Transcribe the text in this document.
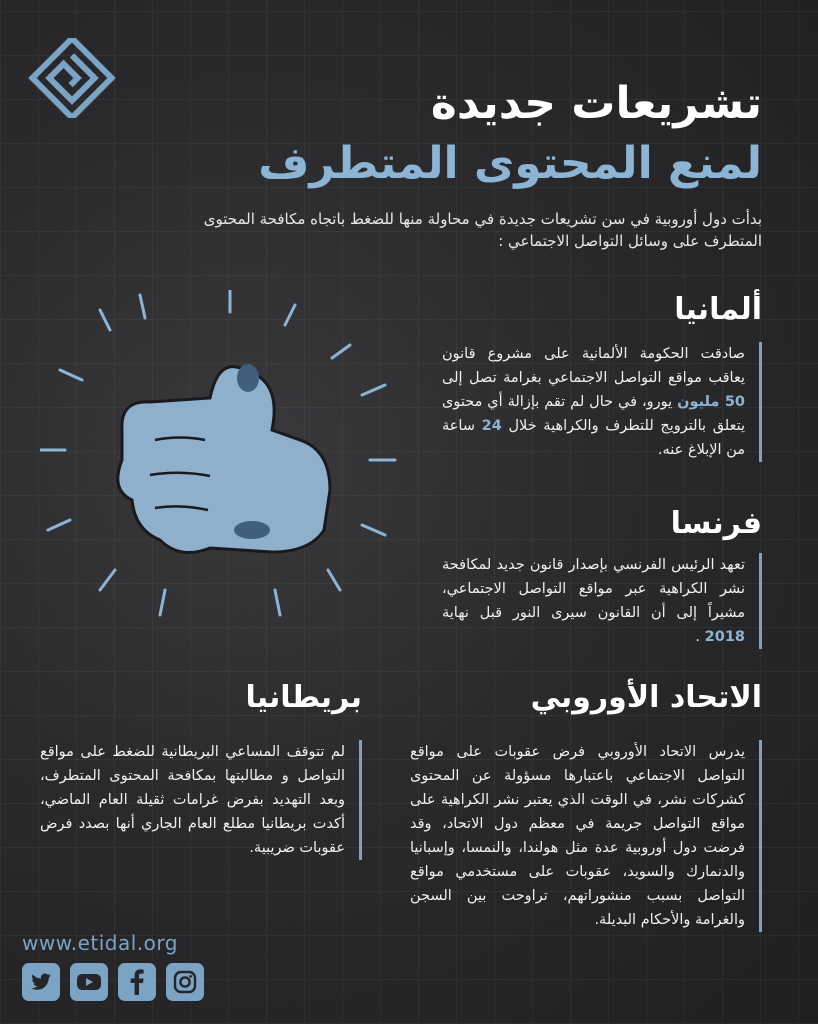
تشريعات جديدة
لمنع المحتوى المتطرف
بدأت دول أوروبية في سن تشريعات جديدة في محاولة منها للضغط باتجاه مكافحة المحتوى المتطرف على وسائل التواصل الاجتماعي :
ألمانيا
صادقت الحكومة الألمانية على مشروع قانون يعاقب مواقع التواصل الاجتماعي بغرامة تصل إلى 50 مليون يورو، في حال لم تقم بإزالة أي محتوى يتعلق بالترويج للتطرف والكراهية خلال 24 ساعة من الإبلاغ عنه.
فرنسا
تعهد الرئيس الفرنسي بإصدار قانون جديد لمكافحة نشر الكراهية عبر مواقع التواصل الاجتماعي، مشيراً إلى أن القانون سيرى النور قبل نهاية 2018 .
الاتحاد الأوروبي
يدرس الاتحاد الأوروبي فرض عقوبات على مواقع التواصل الاجتماعي باعتبارها مسؤولة عن المحتوى كشركات نشر، في الوقت الذي يعتبر نشر الكراهية على مواقع التواصل جريمة في معظم دول الاتحاد، وقد فرضت دول أوروبية عدة مثل هولندا، والنمسا، وإسبانيا والدنمارك والسويد، عقوبات على مستخدمي مواقع التواصل بسبب منشوراتهم، تراوحت بين السجن والغرامة والأحكام البديلة.
بريطانيا
لم تتوقف المساعي البريطانية للضغط على مواقع التواصل و مطالبتها بمكافحة المحتوى المتطرف، وبعد التهديد بفرض غرامات ثقيلة العام الماضي، أكدت بريطانيا مطلع العام الجاري أنها بصدد فرض عقوبات ضريبية.
www.etidal.org
